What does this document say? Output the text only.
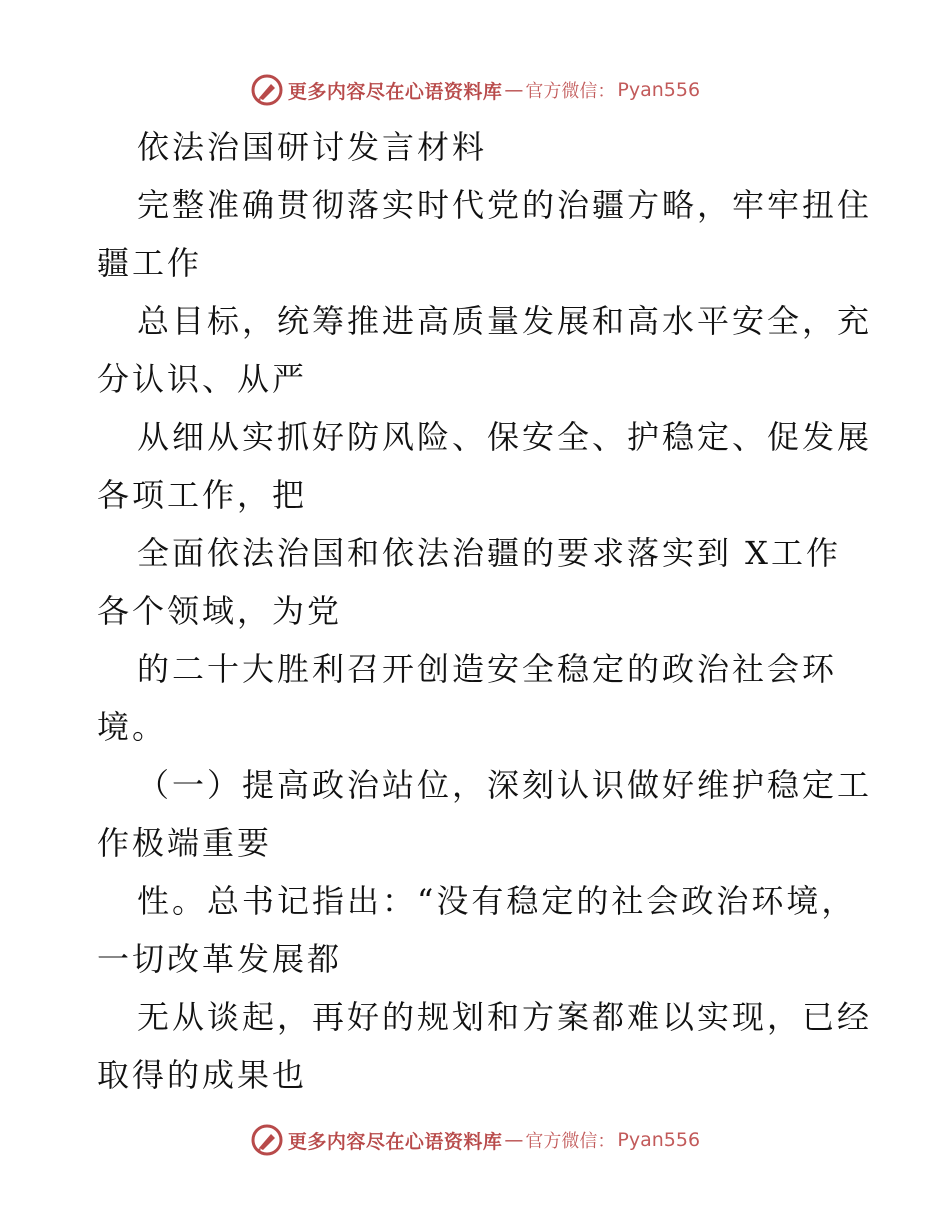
更多内容尽在心语资料库 — 官方微信： Pyan556
依法治国研讨发言材料
完整准确贯彻落实时代党的治疆方略，牢牢扭住
疆工作
总目标，统筹推进高质量发展和高水平安全，充
分认识、从严
从细从实抓好防风险、保安全、护稳定、促发展
各项工作，把
全面依法治国和依法治疆的要求落实到 X工作
各个领域，为党
的二十大胜利召开创造安全稳定的政治社会环
境。
（一）提高政治站位，深刻认识做好维护稳定工
作极端重要
性。总书记指出：“没有稳定的社会政治环境，
一切改革发展都
无从谈起，再好的规划和方案都难以实现，已经
取得的成果也
更多内容尽在心语资料库 — 官方微信： Pyan556
